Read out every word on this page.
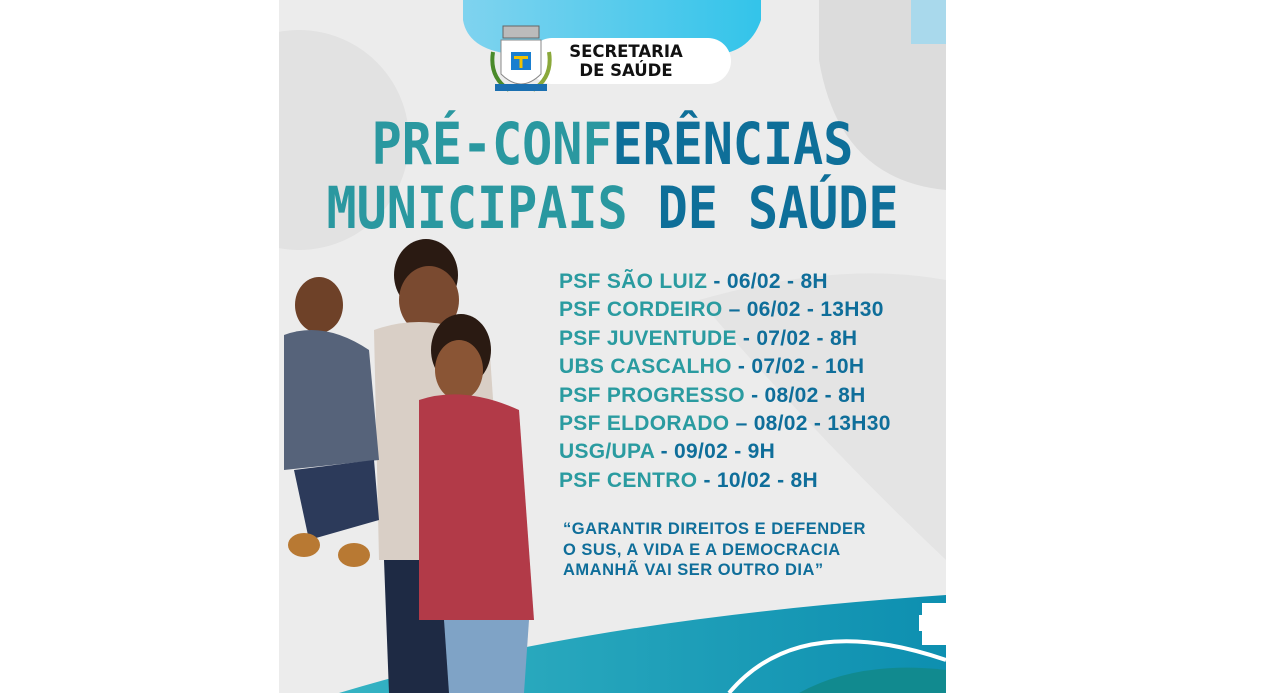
SECRETARIA
DE SAÚDE
PRÉ-CONFERÊNCIAS
MUNICIPAIS DE SAÚDE
PSF SÃO LUIZ - 06/02 - 8H
PSF CORDEIRO – 06/02 - 13H30
PSF JUVENTUDE - 07/02 - 8H
UBS CASCALHO - 07/02 - 10H
PSF PROGRESSO - 08/02 - 8H
PSF ELDORADO – 08/02 - 13H30
USG/UPA - 09/02 - 9H
PSF CENTRO - 10/02 - 8H
“GARANTIR DIREITOS E DEFENDER
O SUS, A VIDA E A DEMOCRACIA
AMANHÃ VAI SER OUTRO DIA”
